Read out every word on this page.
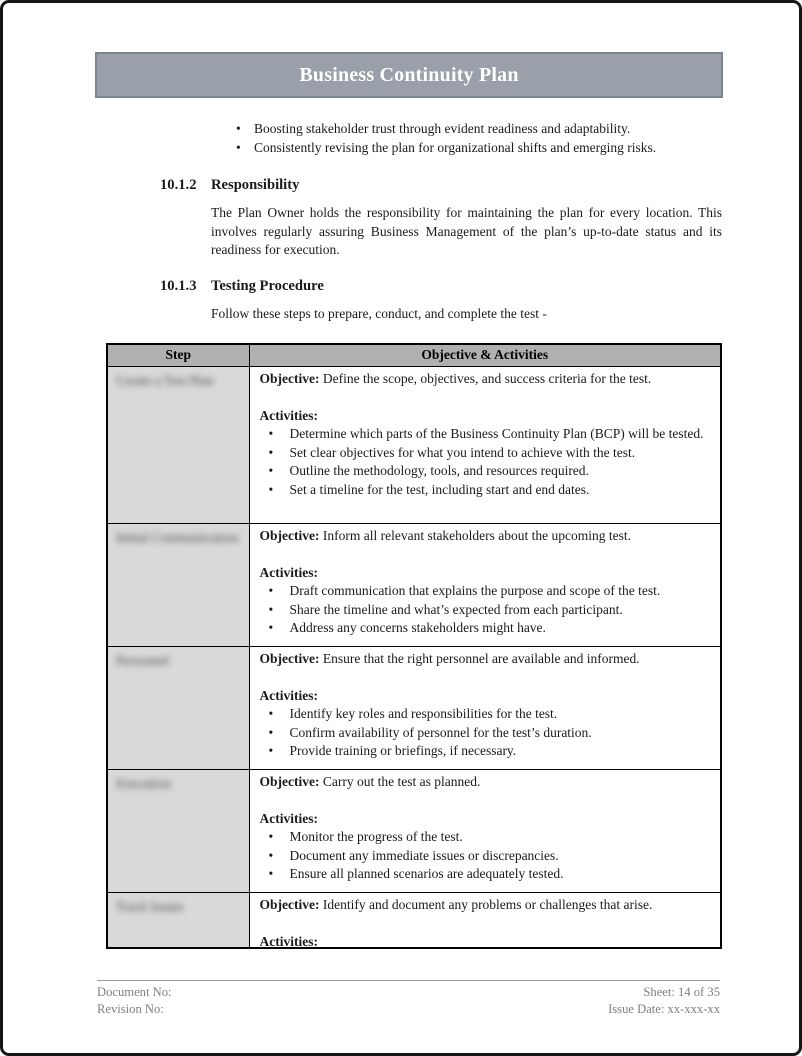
Business Continuity Plan
• Boosting stakeholder trust through evident readiness and adaptability.
• Consistently revising the plan for organizational shifts and emerging risks.
10.1.2 Responsibility

The Plan Owner holds the responsibility for maintaining the plan for every location. This involves regularly assuring Business Management of the plan’s up-to-date status and its readiness for execution.

10.1.3 Testing Procedure

Follow these steps to prepare, conduct, and complete the test -

Step	Objective & Activities
Create a Test Plan	Objective: Define the scope, objectives, and success criteria for the test.

Activities:

• Determine which parts of the Business Continuity Plan (BCP) will be tested.
• Set clear objectives for what you intend to achieve with the test.
• Outline the methodology, tools, and resources required.
• Set a timeline for the test, including start and end dates.

Initial Communication	Objective: Inform all relevant stakeholders about the upcoming test.

Activities:

• Draft communication that explains the purpose and scope of the test.
• Share the timeline and what’s expected from each participant.
• Address any concerns stakeholders might have.

Personnel	Objective: Ensure that the right personnel are available and informed.

Activities:

• Identify key roles and responsibilities for the test.
• Confirm availability of personnel for the test’s duration.
• Provide training or briefings, if necessary.

Execution	Objective: Carry out the test as planned.

Activities:

• Monitor the progress of the test.
• Document any immediate issues or discrepancies.
• Ensure all planned scenarios are adequately tested.

Track Issues	Objective: Identify and document any problems or challenges that arise.

Activities:

Document No:
Revision No:
Sheet: 14 of 35
Issue Date: xx-xxx-xx
